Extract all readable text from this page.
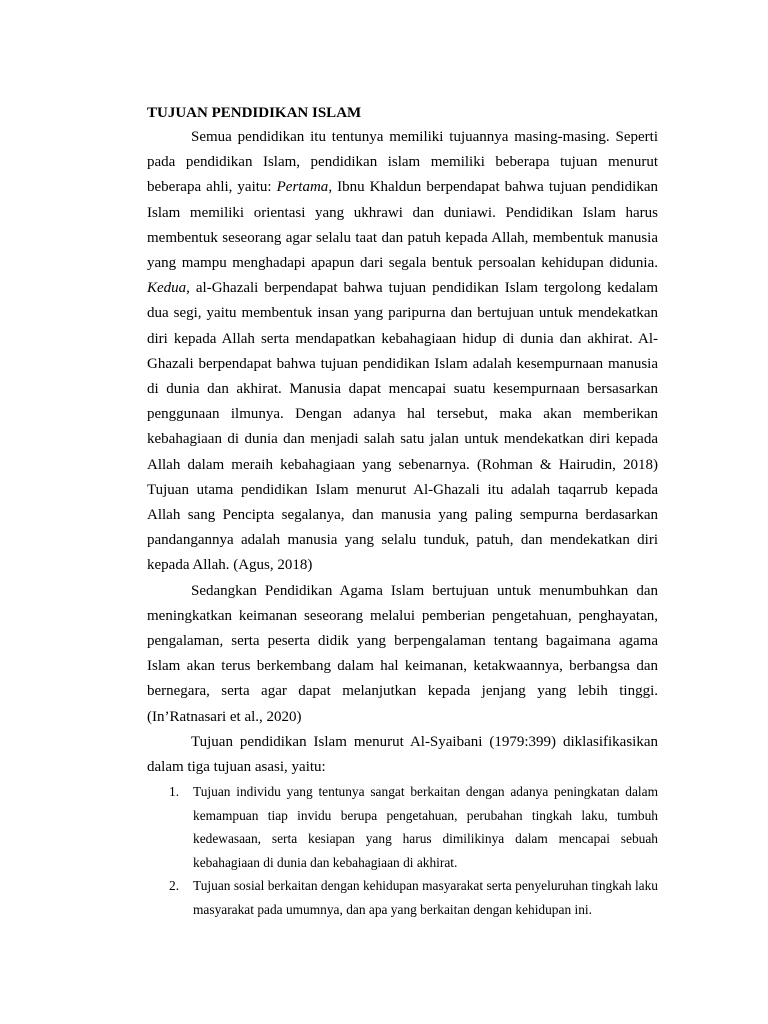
TUJUAN PENDIDIKAN ISLAM

Semua pendidikan itu tentunya memiliki tujuannya masing-masing. Seperti pada pendidikan Islam, pendidikan islam memiliki beberapa tujuan menurut beberapa ahli, yaitu: Pertama, Ibnu Khaldun berpendapat bahwa tujuan pendidikan Islam memiliki orientasi yang ukhrawi dan duniawi. Pendidikan Islam harus membentuk seseorang agar selalu taat dan patuh kepada Allah, membentuk manusia yang mampu menghadapi apapun dari segala bentuk persoalan kehidupan didunia. Kedua, al-Ghazali berpendapat bahwa tujuan pendidikan Islam tergolong kedalam dua segi, yaitu membentuk insan yang paripurna dan bertujuan untuk mendekatkan diri kepada Allah serta mendapatkan kebahagiaan hidup di dunia dan akhirat. Al-Ghazali berpendapat bahwa tujuan pendidikan Islam adalah kesempurnaan manusia di dunia dan akhirat. Manusia dapat mencapai suatu kesempurnaan bersasarkan penggunaan ilmunya. Dengan adanya hal tersebut, maka akan memberikan kebahagiaan di dunia dan menjadi salah satu jalan untuk mendekatkan diri kepada Allah dalam meraih kebahagiaan yang sebenarnya. (Rohman & Hairudin, 2018) Tujuan utama pendidikan Islam menurut Al-Ghazali itu adalah taqarrub kepada Allah sang Pencipta segalanya, dan manusia yang paling sempurna berdasarkan pandangannya adalah manusia yang selalu tunduk, patuh, dan mendekatkan diri kepada Allah. (Agus, 2018)

Sedangkan Pendidikan Agama Islam bertujuan untuk menumbuhkan dan meningkatkan keimanan seseorang melalui pemberian pengetahuan, penghayatan, pengalaman, serta peserta didik yang berpengalaman tentang bagaimana agama Islam akan terus berkembang dalam hal keimanan, ketakwaannya, berbangsa dan bernegara, serta agar dapat melanjutkan kepada jenjang yang lebih tinggi. (In’Ratnasari et al., 2020)

Tujuan pendidikan Islam menurut Al-Syaibani (1979:399) diklasifikasikan dalam tiga tujuan asasi, yaitu:

1. Tujuan individu yang tentunya sangat berkaitan dengan adanya peningkatan dalam kemampuan tiap invidu berupa pengetahuan, perubahan tingkah laku, tumbuh kedewasaan, serta kesiapan yang harus dimilikinya dalam mencapai sebuah kebahagiaan di dunia dan kebahagiaan di akhirat.
2. Tujuan sosial berkaitan dengan kehidupan masyarakat serta penyeluruhan tingkah laku masyarakat pada umumnya, dan apa yang berkaitan dengan kehidupan ini.
